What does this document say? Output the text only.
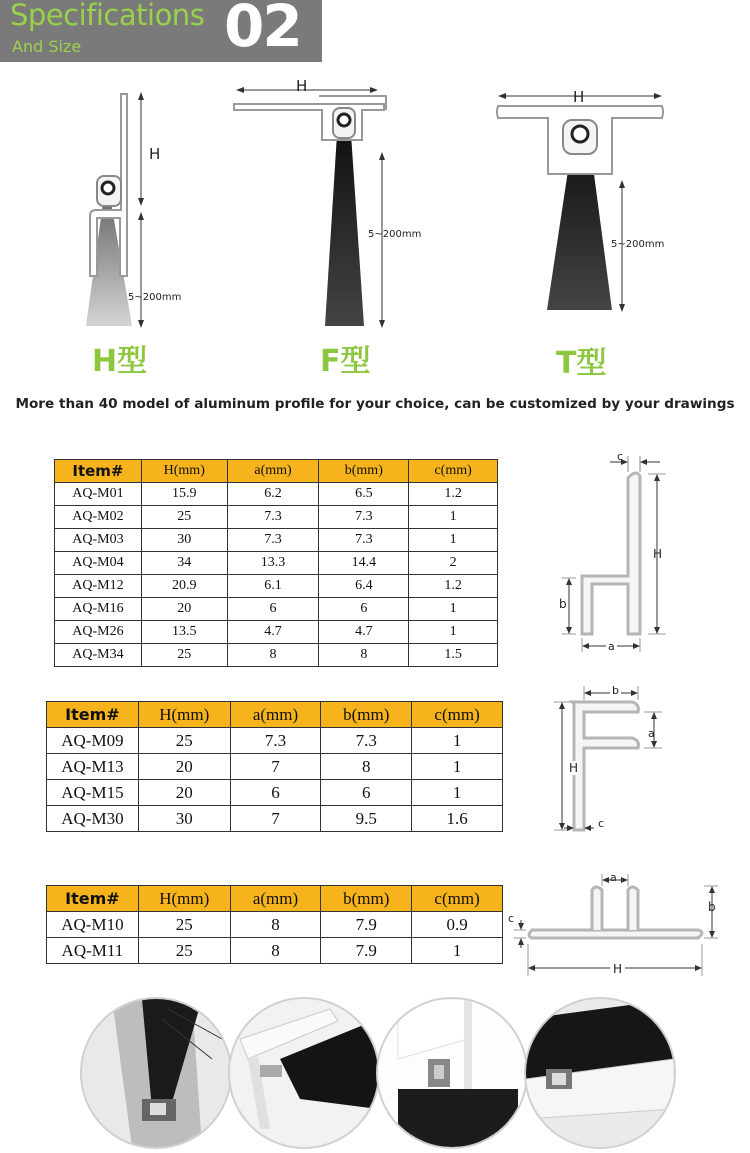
Specifications
And Size 02
H
5~200mm
H
5~200mm
H
5~200mm
H型	F型	T型
More than 40 model of aluminum profile for your choice, can be customized by your drawings
Item#	H(mm)	a(mm)	b(mm)	c(mm)
AQ-M01	15.9	6.2	6.5	1.2
AQ-M02	25	7.3	7.3	1
AQ-M03	30	7.3	7.3	1
AQ-M04	34	13.3	14.4	2
AQ-M12	20.9	6.1	6.4	1.2
AQ-M16	20	6	6	1
AQ-M26	13.5	4.7	4.7	1
AQ-M34	25	8	8	1.5
c
H
b
a
Item#	H(mm)	a(mm)	b(mm)	c(mm)
AQ-M09	25	7.3	7.3	1
AQ-M13	20	7	8	1
AQ-M15	20	6	6	1
AQ-M30	30	7	9.5	1.6
b
a
H
c
Item#	H(mm)	a(mm)	b(mm)	c(mm)
AQ-M10	25	8	7.9	0.9
AQ-M11	25	8	7.9	1
a
b
c
H
